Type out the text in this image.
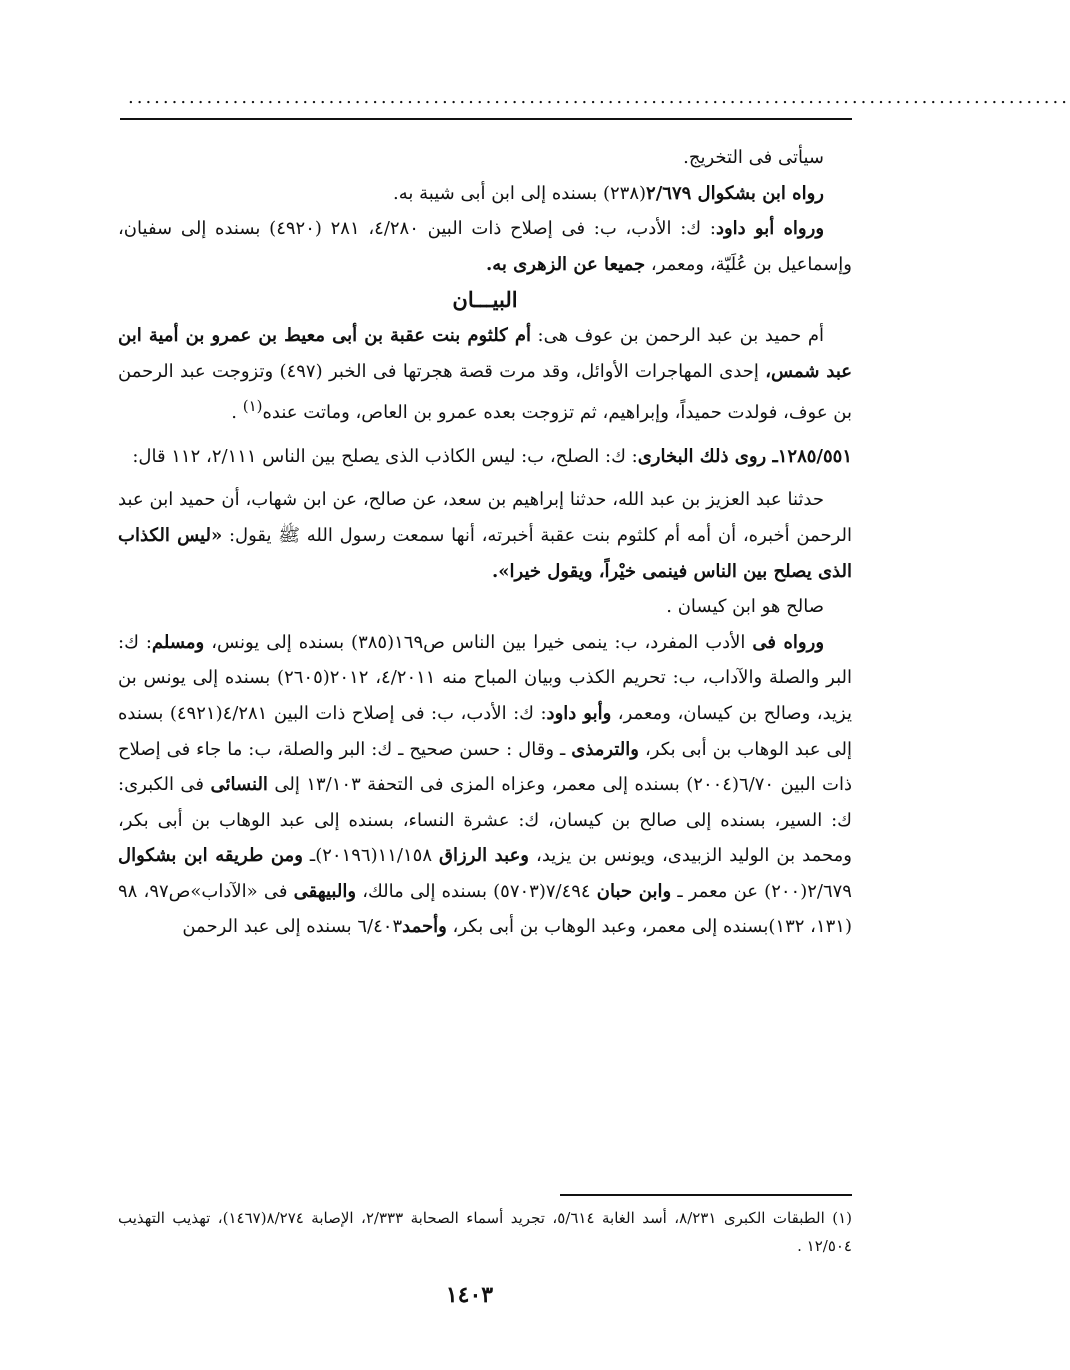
............................................................................................................

سيأتى فى التخريج.

رواه ابن بشكوال ٢/٦٧٩(٢٣٨) بسنده إلى ابن أبى شيبة به.

ورواه أبو داود: ك: الأدب، ب: فى إصلاح ذات البين ٤/٢٨٠، ٢٨١ (٤٩٢٠) بسنده إلى سفيان، وإسماعيل بن عُلَيّة، ومعمر، جميعا عن الزهرى به.

البيـــان

أم حميد بن عبد الرحمن بن عوف هى: أم كلثوم بنت عقبة بن أبى معيط بن عمرو بن أمية ابن عبد شمس، إحدى المهاجرات الأوائل، وقد مرت قصة هجرتها فى الخبر (٤٩٧) وتزوجت عبد الرحمن بن عوف، فولدت حميداً، وإبراهيم، ثم تزوجت بعده عمرو بن العاص، وماتت عنده$^{(١)}$ .

١٢٨٥/٥٥١ـ روى ذلك البخارى: ك: الصلح، ب: ليس الكاذب الذى يصلح بين الناس ٢/١١١، ١١٢ قال:

حدثنا عبد العزيز بن عبد الله، حدثنا إبراهيم بن سعد، عن صالح، عن ابن شهاب، أن حميد ابن عبد الرحمن أخبره، أن أمه أم كلثوم بنت عقبة أخبرته، أنها سمعت رسول الله ﷺ يقول: «ليس الكذاب الذى يصلح بين الناس فينمى خيْراً، ويقول خيرا».

صالح هو ابن كيسان .

ورواه فى الأدب المفرد، ب: ينمى خيرا بين الناس ص١٦٩(٣٨٥) بسنده إلى يونس، ومسلم: ك: البر والصلة والآداب، ب: تحريم الكذب وبيان المباح منه ٤/٢٠١١، ٢٠١٢(٢٦٠٥) بسنده إلى يونس بن يزيد، وصالح بن كيسان، ومعمر، وأبو داود: ك: الأدب، ب: فى إصلاح ذات البين ٤/٢٨١(٤٩٢١) بسنده إلى عبد الوهاب بن أبى بكر، والترمذى ـ وقال : حسن صحيح ـ ك: البر والصلة، ب: ما جاء فى إصلاح ذات البين ٦/٧٠(٢٠٠٤) بسنده إلى معمر، وعزاه المزى فى التحفة ١٣/١٠٣ إلى النسائى فى الكبرى: ك: السير، بسنده إلى صالح بن كيسان، ك: عشرة النساء، بسنده إلى عبد الوهاب بن أبى بكر، ومحمد بن الوليد الزبيدى، ويونس بن يزيد، وعبد الرزاق ١١/١٥٨(٢٠١٩٦)ـ ومن طريقه ابن بشكوال ٢/٦٧٩(٢٠٠) عن معمر ـ وابن حبان ٧/٤٩٤(٥٧٠٣) بسنده إلى مالك، والبيهقى فى «الآداب»ص٩٧، ٩٨ (١٣١، ١٣٢)بسنده إلى معمر، وعبد الوهاب بن أبى بكر، وأحمد٦/٤٠٣ بسنده إلى عبد الرحمن

(١) الطبقات الكبرى ٨/٢٣١، أسد الغابة ٥/٦١٤، تجريد أسماء الصحابة ٢/٣٣٣، الإصابة ٨/٢٧٤(١٤٦٧)، تهذيب التهذيب ١٢/٥٠٤ .

١٤٠٣
